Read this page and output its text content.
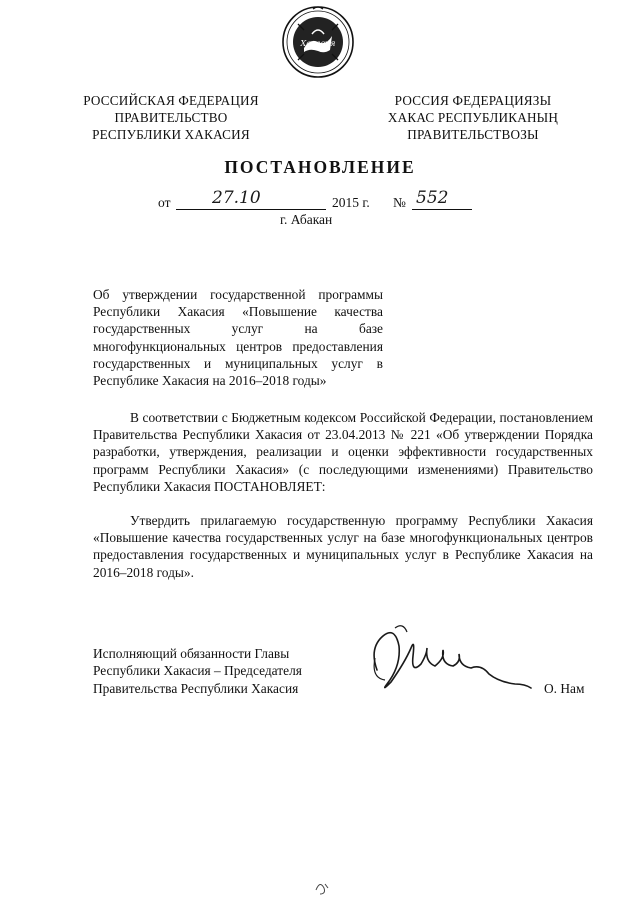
Хакасия
РОССИЙСКАЯ ФЕДЕРАЦИЯ
ПРАВИТЕЛЬСТВО
РЕСПУБЛИКИ ХАКАСИЯ
РОССИЯ ФЕДЕРАЦИЯЗЫ
ХАКАС РЕСПУБЛИКАНЫҢ
ПРАВИТЕЛЬСТВОЗЫ
ПОСТАНОВЛЕНИЕ
от 27.10	2015 г. № 552
г. Абакан
Об утверждении государственной программы Республики Хакасия «Повышение качества государственных услуг на базе многофункциональных центров предоставления государственных и муниципальных услуг в Республике Хакасия на 2016–2018 годы»
В соответствии с Бюджетным кодексом Российской Федерации, постановлением Правительства Республики Хакасия от 23.04.2013 № 221 «Об утверждении Порядка разработки, утверждения, реализации и оценки эффективности государственных программ Республики Хакасия» (с последующими изменениями) Правительство Республики Хакасия ПОСТАНОВЛЯЕТ:
Утвердить прилагаемую государственную программу Республики Хакасия «Повышение качества государственных услуг на базе многофункциональных центров предоставления государственных и муниципальных услуг в Республике Хакасия на 2016–2018 годы».
Исполняющий обязанности Главы
Республики Хакасия – Председателя
Правительства Республики Хакасия	О. Нам
